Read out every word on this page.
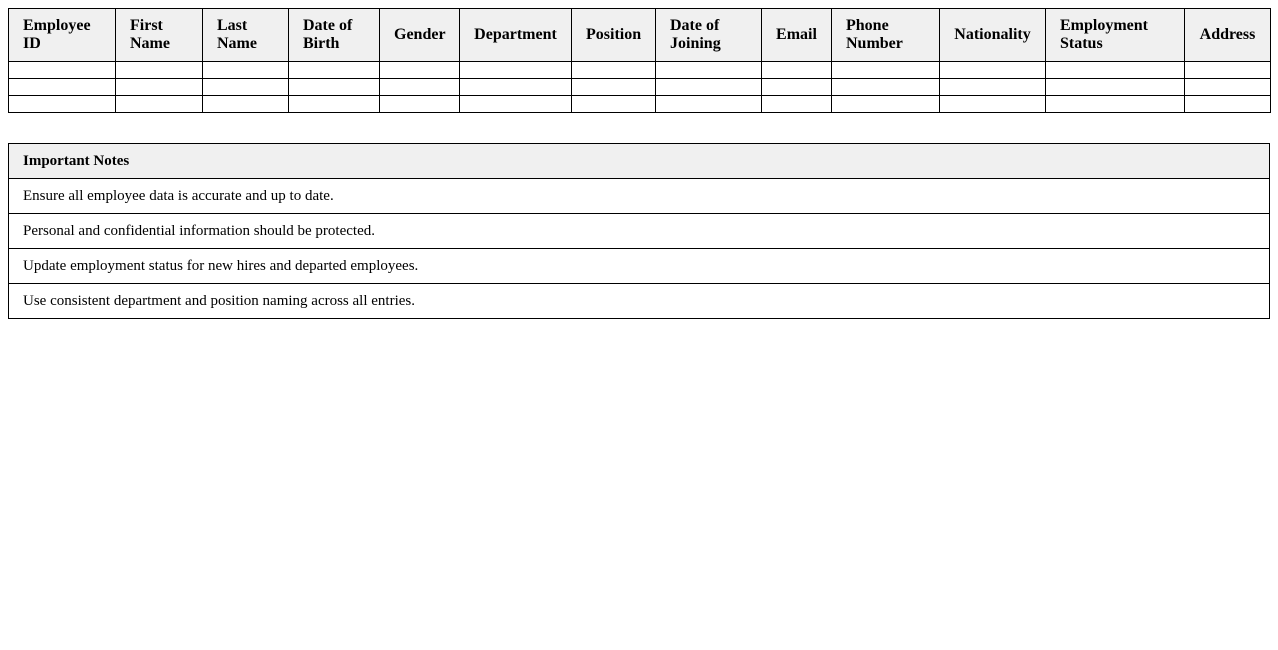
Employee ID	First Name	Last Name	Date of Birth	Gender	Department	Position	Date of Joining	Email	Phone Number	Nationality	Employment Status	Address

Important Notes
Ensure all employee data is accurate and up to date.
Personal and confidential information should be protected.
Update employment status for new hires and departed employees.
Use consistent department and position naming across all entries.
